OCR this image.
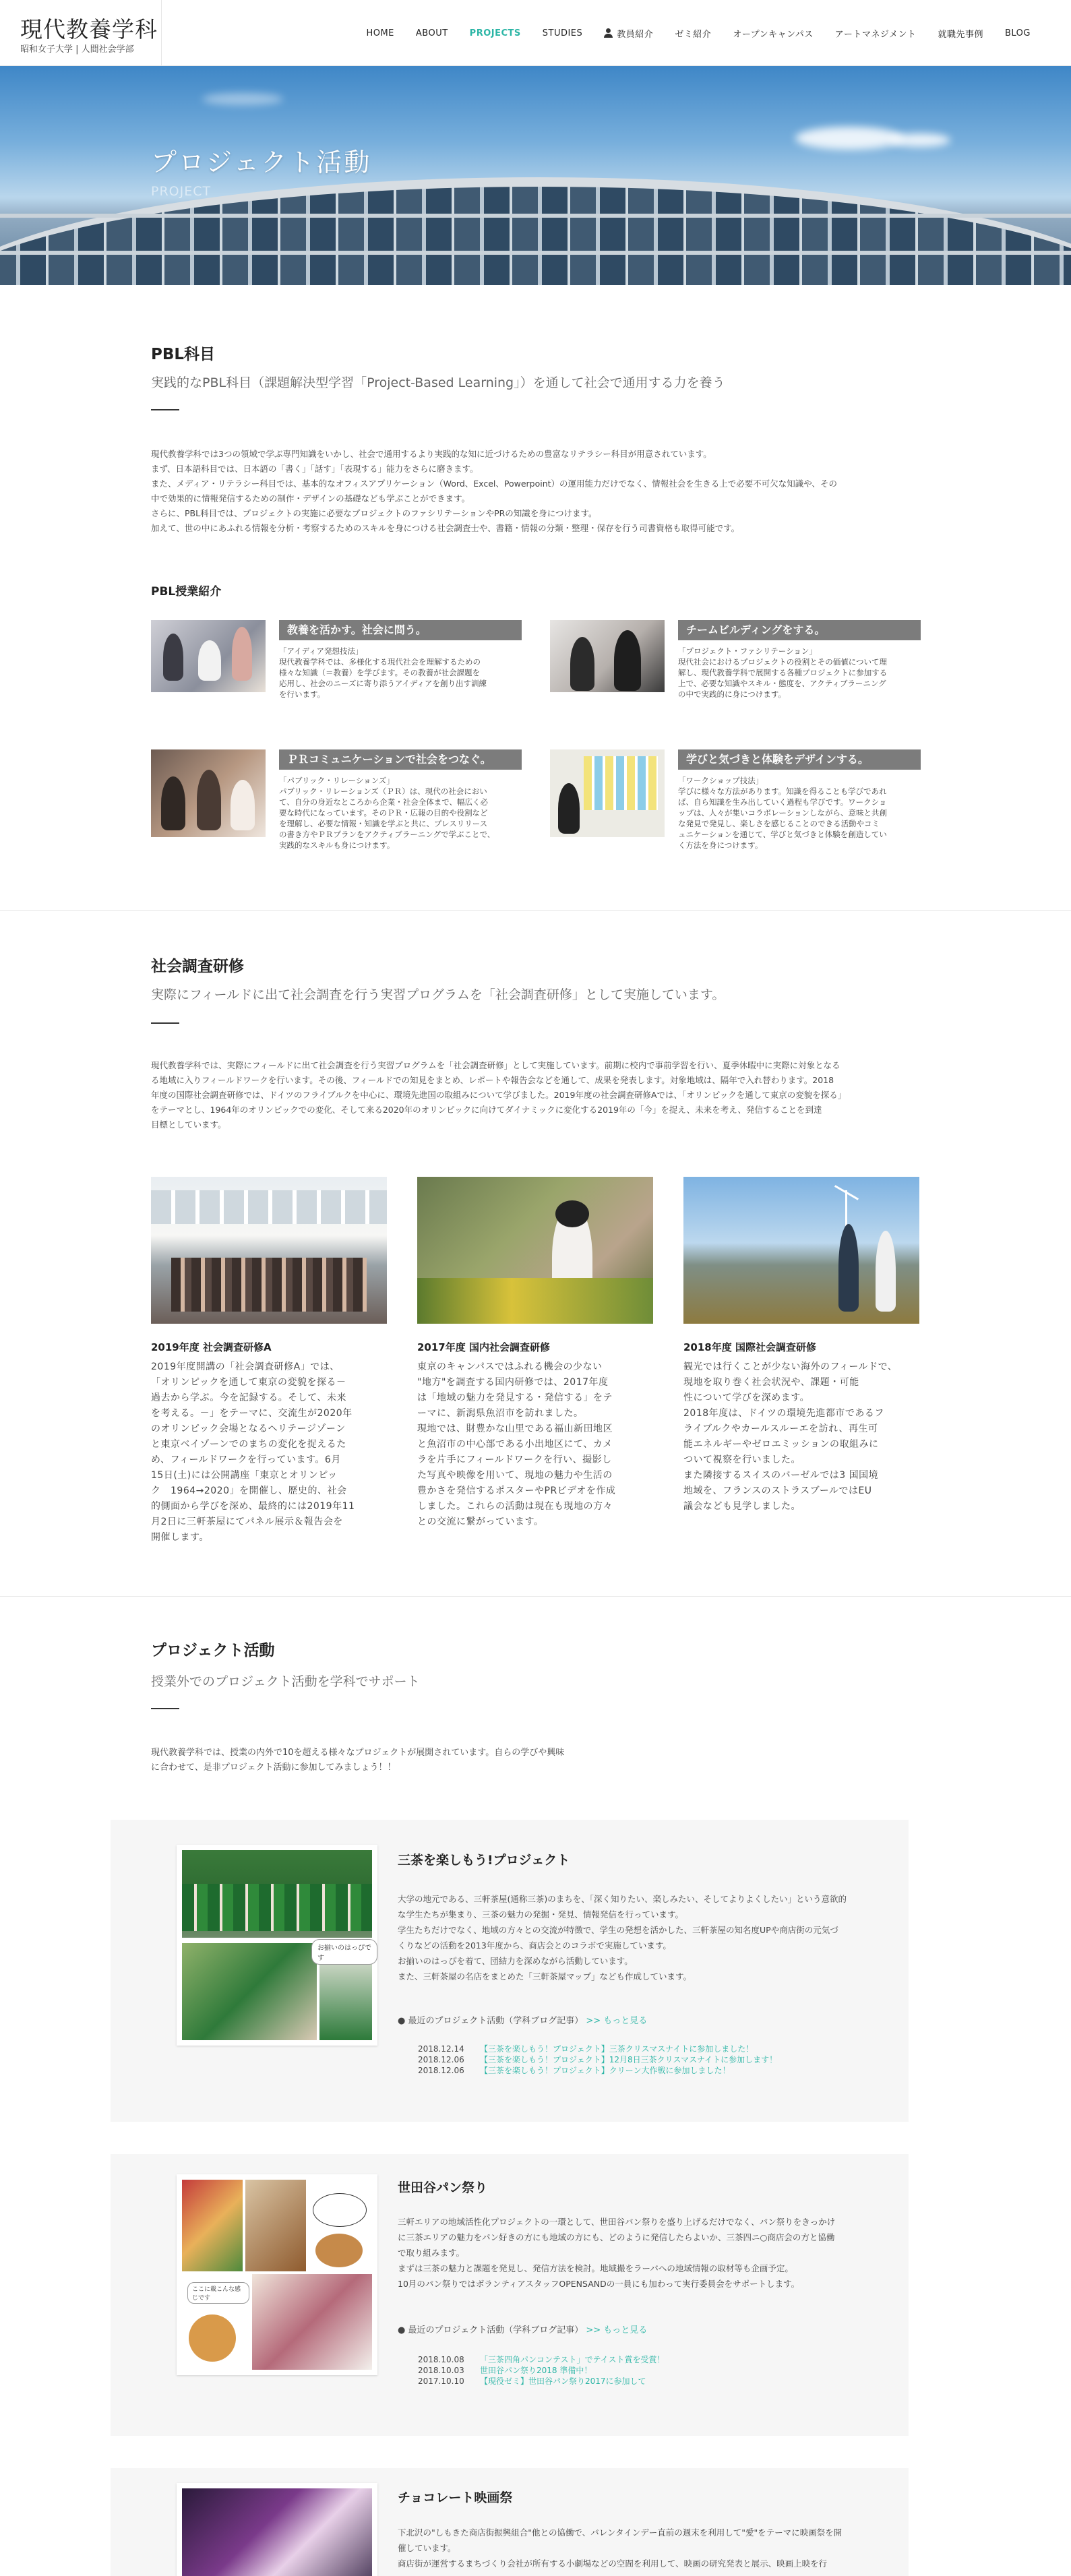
現代教養学科
昭和女子大学 | 人間社会学部
HOME ABOUT PROJECTS STUDIES	教員紹介 ゼミ紹介 オープンキャンパス アートマネジメント 就職先事例 BLOG
プロジェクト活動
PROJECT
PBL科目
実践的なPBL科目（課題解決型学習「Project-Based Learning」）を通して社会で通用する力を養う
現代教養学科では3つの領域で学ぶ専門知識をいかし、社会で通用するより実践的な知に近づけるための豊富なリテラシー科目が用意されています。
まず、日本語科目では、日本語の「書く」「話す」「表現する」能力をさらに磨きます。
また、メディア・リテラシー科目では、基本的なオフィスアプリケーション（Word、Excel、Powerpoint）の運用能力だけでなく、情報社会を生きる上で必要不可欠な知識や、その
中で効果的に情報発信するための制作・デザインの基礎なども学ぶことができます。
さらに、PBL科目では、プロジェクトの実施に必要なプロジェクトのファシリテーションやPRの知識を身につけます。
加えて、世の中にあふれる情報を分析・考察するためのスキルを身につける社会調査士や、書籍・情報の分類・整理・保存を行う司書資格も取得可能です。
PBL授業紹介
教養を活かす。社会に問う。
「アイディア発想技法」
現代教養学科では、多様化する現代社会を理解するための
様々な知識（＝教養）を学びます。その教養が社会課題を
応用し、社会のニーズに寄り添うアイディアを創り出す訓練
を行います。
チームビルディングをする。
「プロジェクト・ファシリテーション」
現代社会におけるプロジェクトの役割とその価値について理
解し、現代教養学科で展開する各種プロジェクトに参加する
上で、必要な知識やスキル・態度を、アクティブラーニング
の中で実践的に身につけます。
ＰＲコミュニケーションで社会をつなぐ。
「パブリック・リレーションズ」
パブリック・リレーションズ（ＰＲ）は、現代の社会におい
て、自分の身近なところから企業・社会全体まで、幅広く必
要な時代になっています。そのＰＲ・広報の目的や役割など
を理解し、必要な情報・知識を学ぶと共に、プレスリリース
の書き方やＰＲプランをアクティブラーニングで学ぶことで、
実践的なスキルも身につけます。
学びと気づきと体験をデザインする。
「ワークショップ技法」
学びに様々な方法があります。知識を得ることも学びであれ
ば、自ら知識を生み出していく過程も学びです。ワークショ
ップは、人々が集いコラボレーションしながら、意味と共創
な発見で発見し、楽しさを感じることのできる活動やコミ
ュニケーションを通じて、学びと気づきと体験を創造してい
く方法を身につけます。
社会調査研修
実際にフィールドに出て社会調査を行う実習プログラムを「社会調査研修」として実施しています。
現代教養学科では、実際にフィールドに出て社会調査を行う実習プログラムを「社会調査研修」として実施しています。前期に校内で事前学習を行い、夏季休暇中に実際に対象となる
る地域に入りフィールドワークを行います。その後、フィールドでの知見をまとめ、レポートや報告会などを通して、成果を発表します。対象地域は、隔年で入れ替わります。2018
年度の国際社会調査研修では、ドイツのフライブルクを中心に、環境先進国の取組みについて学びました。2019年度の社会調査研修Aでは、「オリンピックを通して東京の変貌を探る」
をテーマとし、1964年のオリンピックでの変化、そして来る2020年のオリンピックに向けてダイナミックに変化する2019年の「今」を捉え、未来を考え、発信することを到達
目標としています。
2019年度 社会調査研修A
2019年度開講の「社会調査研修A」では、
「オリンピックを通して東京の変貌を探る－
過去から学ぶ。今を記録する。そして、未来
を考える。－」をテーマに、交流生が2020年
のオリンピック会場となるヘリテージゾーン
と東京ベイゾーンでのまちの変化を捉えるた
め、フィールドワークを行っています。6月
15日(土)には公開講座「東京とオリンピッ
ク　1964→2020」を開催し、歴史的、社会
的側面から学びを深め、最終的には2019年11
月2日に三軒茶屋にてパネル展示＆報告会を
開催します。
2017年度 国内社会調査研修
東京のキャンパスではふれる機会の少ない
"地方"を調査する国内研修では、2017年度
は「地域の魅力を発見する・発信する」をテ
ーマに、新潟県魚沼市を訪れました。
現地では、財豊かな山里である福山新田地区
と魚沼市の中心部である小出地区にて、カメ
ラを片手にフィールドワークを行い、撮影し
た写真や映像を用いて、現地の魅力や生活の
豊かさを発信するポスターやPRビデオを作成
しました。これらの活動は現在も現地の方々
との交流に繋がっています。
2018年度 国際社会調査研修
観光では行くことが少ない海外のフィールドで、
現地を取り巻く社会状況や、課題・可能
性について学びを深めます。
2018年度は、ドイツの環境先進都市であるフ
ライブルクやカールスルーエを訪れ、再生可
能エネルギーやゼロエミッションの取組みに
ついて視察を行いました。
また隣接するスイスのバーゼルでは3 国国境
地域を、フランスのストラスブールではEU
議会なども見学しました。
プロジェクト活動
授業外でのプロジェクト活動を学科でサポート
現代教養学科では、授業の内外で10を超える様々なプロジェクトが展開されています。自らの学びや興味
に合わせて、是非プロジェクト活動に参加してみましょう！！
お揃いのはっぴです
三茶を楽しもう!プロジェクト
大学の地元である、三軒茶屋(通称三茶)のまちを、「深く知りたい、楽しみたい、そしてよりよくしたい」という意欲的
な学生たちが集まり、三茶の魅力の発掘・発見、情報発信を行っています。
学生たちだけでなく、地域の方々との交流が特徴で、学生の発想を活かした、三軒茶屋の知名度UPや商店街の元気づ
くりなどの活動を2013年度から、商店会とのコラボで実施しています。
お揃いのはっぴを着て、団結力を深めながら活動しています。
また、三軒茶屋の名店をまとめた「三軒茶屋マップ」なども作成しています。
● 最近のプロジェクト活動（学科ブログ記事） >> もっと見る
2018.12.14 【三茶を楽しもう！プロジェクト】三茶クリスマスナイトに参加しました！
2018.12.06 【三茶を楽しもう！プロジェクト】12月8日三茶クリスマスナイトに参加します！
2018.12.06 【三茶を楽しもう！プロジェクト】クリーン大作戦に参加しました！
ここに載こんな感じです
世田谷パン祭り
三軒エリアの地域活性化プロジェクトの一環として、世田谷パン祭りを盛り上げるだけでなく、パン祭りをきっかけ
に三茶エリアの魅力をパン好きの方にも地域の方にも、どのように発信したらよいか、三茶四ニ○商店会の方と協働
で取り組みます。
まずは三茶の魅力と課題を発見し、発信方法を検討。地域撮をラーバへの地域情報の取材等も企画予定。
10月のパン祭りではボランティアスタッフOPENSANDの一員にも加わって実行委員会をサポートします。
● 最近のプロジェクト活動（学科ブログ記事） >> もっと見る
2018.10.08 「三茶四角パンコンテスト」でテイスト賞を受賞！
2018.10.03 世田谷パン祭り2018 準備中！
2017.10.10 【現役ゼミ】世田谷パン祭り2017に参加して
チョコレート映画祭
下北沢の"しもきた商店街振興組合"他との協働で、バレンタインデー直前の週末を利用して"愛"をテーマに映画祭を開
催しています。
商店街が運営するまちづくり会社が所有する小劇場などの空間を利用して、映画の研究発表と展示、映画上映を行
